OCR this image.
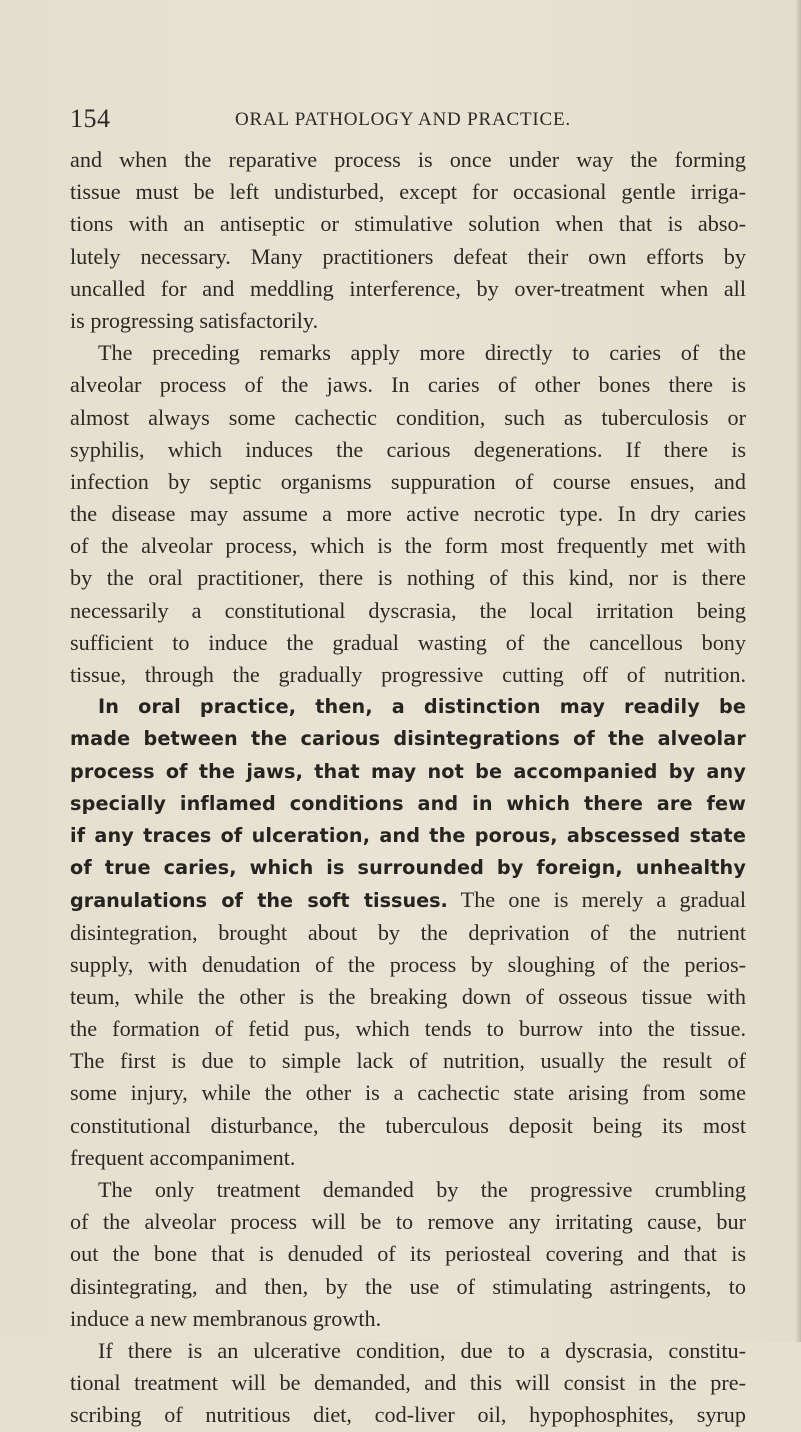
154	ORAL PATHOLOGY AND PRACTICE.
and when the reparative process is once under way the forming
tissue must be left undisturbed, except for occasional gentle irriga-
tions with an antiseptic or stimulative solution when that is abso-
lutely necessary. Many practitioners defeat their own efforts by
uncalled for and meddling interference, by over-treatment when all
is progressing satisfactorily.
The preceding remarks apply more directly to caries of the
alveolar process of the jaws. In caries of other bones there is
almost always some cachectic condition, such as tuberculosis or
syphilis, which induces the carious degenerations. If there is
infection by septic organisms suppuration of course ensues, and
the disease may assume a more active necrotic type. In dry caries
of the alveolar process, which is the form most frequently met with
by the oral practitioner, there is nothing of this kind, nor is there
necessarily a constitutional dyscrasia, the local irritation being
sufficient to induce the gradual wasting of the cancellous bony
tissue, through the gradually progressive cutting off of nutrition.
In oral practice, then, a distinction may readily be
made between the carious disintegrations of the alveolar
process of the jaws, that may not be accompanied by any
specially inflamed conditions and in which there are few
if any traces of ulceration, and the porous, abscessed state
of true caries, which is surrounded by foreign, unhealthy
granulations of the soft tissues. The one is merely a gradual
disintegration, brought about by the deprivation of the nutrient
supply, with denudation of the process by sloughing of the perios-
teum, while the other is the breaking down of osseous tissue with
the formation of fetid pus, which tends to burrow into the tissue.
The first is due to simple lack of nutrition, usually the result of
some injury, while the other is a cachectic state arising from some
constitutional disturbance, the tuberculous deposit being its most
frequent accompaniment.
The only treatment demanded by the progressive crumbling
of the alveolar process will be to remove any irritating cause, bur
out the bone that is denuded of its periosteal covering and that is
disintegrating, and then, by the use of stimulating astringents, to
induce a new membranous growth.
If there is an ulcerative condition, due to a dyscrasia, constitu-
tional treatment will be demanded, and this will consist in the pre-
scribing of nutritious diet, cod-liver oil, hypophosphites, syrup
